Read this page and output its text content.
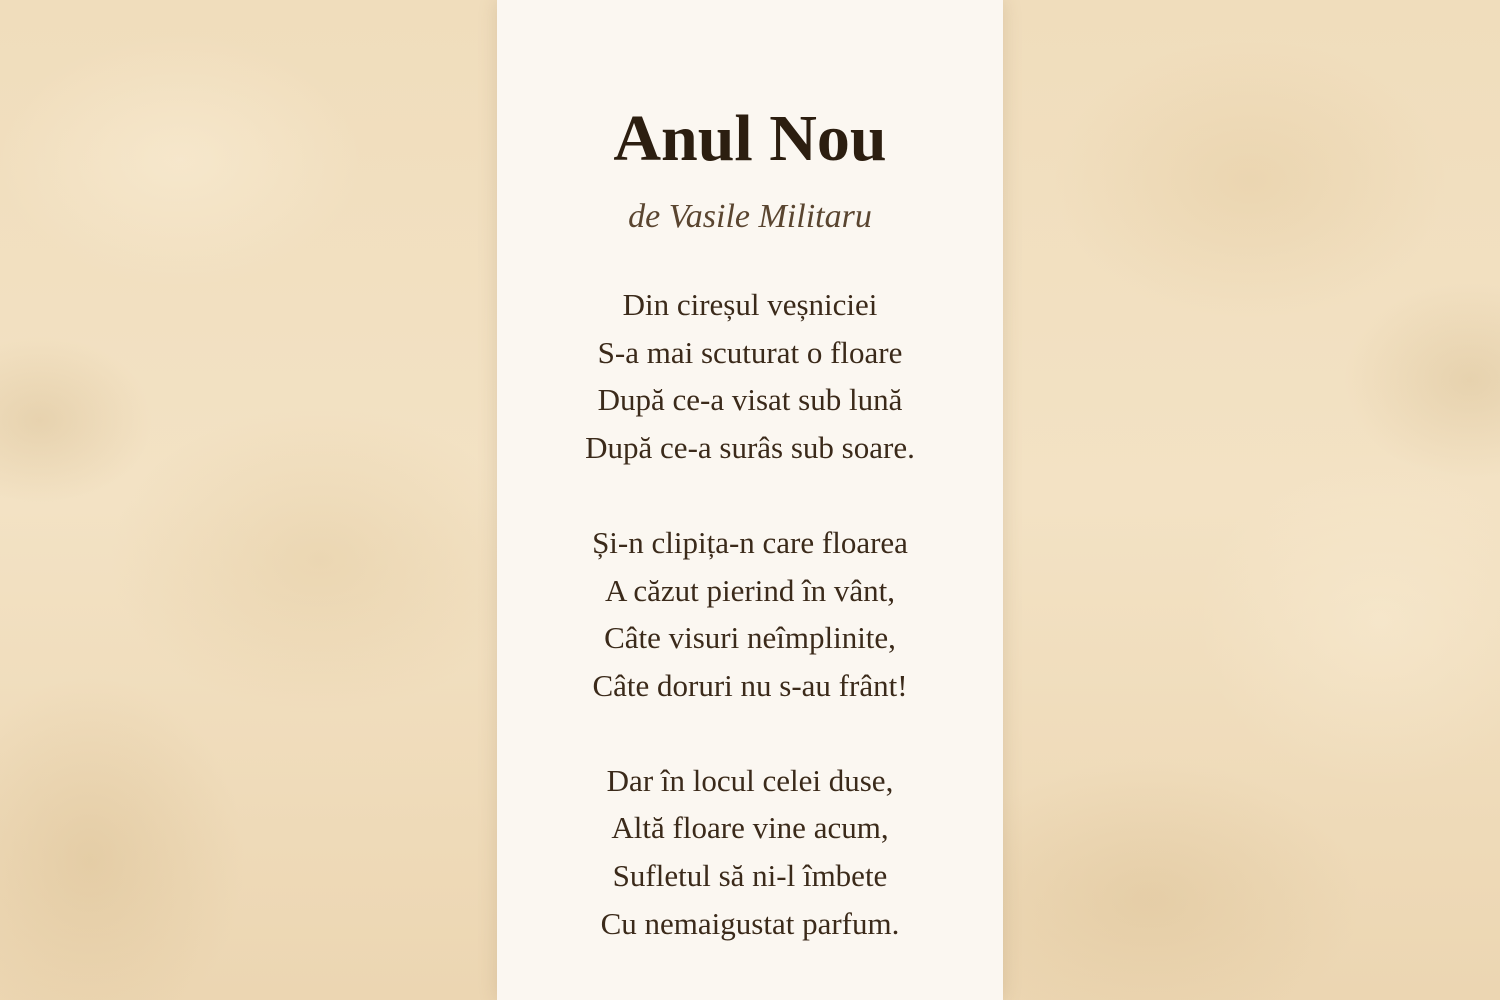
Anul Nou

de Vasile Militaru

Din cireșul veșniciei
S-a mai scuturat o floare
După ce-a visat sub lună
După ce-a surâs sub soare.
Și-n clipița-n care floarea
A căzut pierind în vânt,
Câte visuri neîmplinite,
Câte doruri nu s-au frânt!
Dar în locul celei duse,
Altă floare vine acum,
Sufletul să ni-l îmbete
Cu nemaigustat parfum.
